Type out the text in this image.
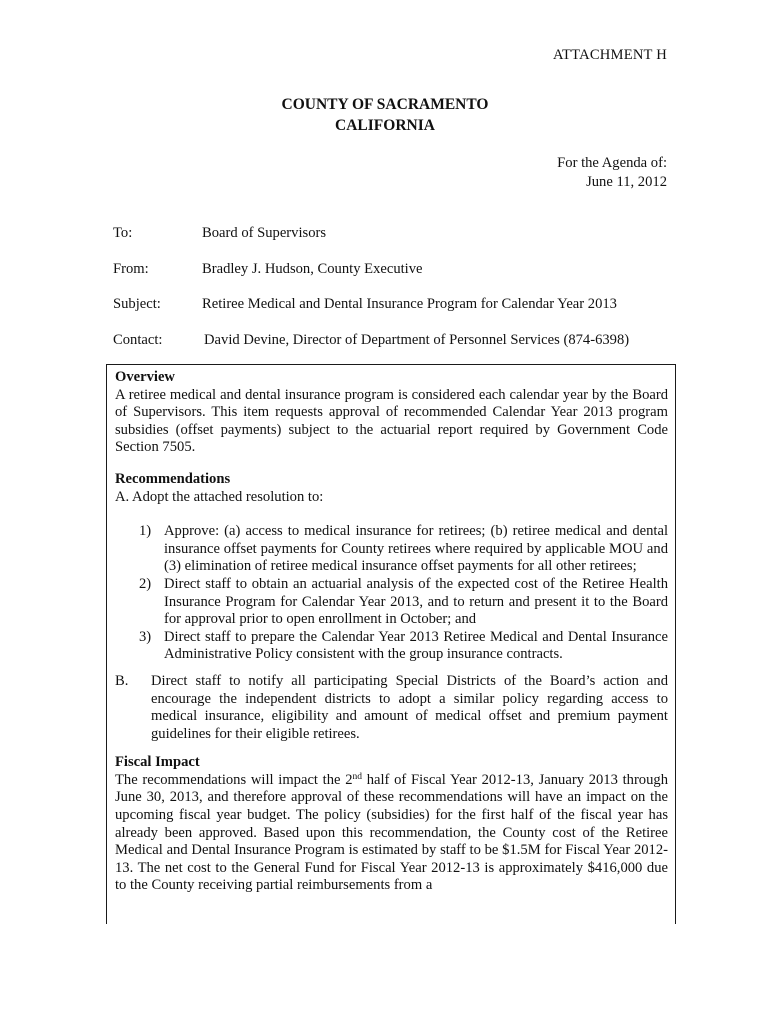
ATTACHMENT H
COUNTY OF SACRAMENTO
CALIFORNIA
For the Agenda of:
June 11, 2012
To:	Board of Supervisors
From:	Bradley J. Hudson, County Executive
Subject:	Retiree Medical and Dental Insurance Program for Calendar Year 2013
Contact:	David Devine, Director of Department of Personnel Services (874-6398)
Overview
A retiree medical and dental insurance program is considered each calendar year by the Board of Supervisors. This item requests approval of recommended Calendar Year 2013 program subsidies (offset payments) subject to the actuarial report required by Government Code Section 7505.
Recommendations
A. Adopt the attached resolution to:
1) Approve: (a) access to medical insurance for retirees; (b) retiree medical and dental insurance offset payments for County retirees where required by applicable MOU and (3) elimination of retiree medical insurance offset payments for all other retirees;
2) Direct staff to obtain an actuarial analysis of the expected cost of the Retiree Health Insurance Program for Calendar Year 2013, and to return and present it to the Board for approval prior to open enrollment in October; and
3) Direct staff to prepare the Calendar Year 2013 Retiree Medical and Dental Insurance Administrative Policy consistent with the group insurance contracts.
B. Direct staff to notify all participating Special Districts of the Board’s action and encourage the independent districts to adopt a similar policy regarding access to medical insurance, eligibility and amount of medical offset and premium payment guidelines for their eligible retirees.
Fiscal Impact
The recommendations will impact the 2nd half of Fiscal Year 2012-13, January 2013 through June 30, 2013, and therefore approval of these recommendations will have an impact on the upcoming fiscal year budget. The policy (subsidies) for the first half of the fiscal year has already been approved. Based upon this recommendation, the County cost of the Retiree Medical and Dental Insurance Program is estimated by staff to be $1.5M for Fiscal Year 2012-13. The net cost to the General Fund for Fiscal Year 2012-13 is approximately $416,000 due to the County receiving partial reimbursements from a
